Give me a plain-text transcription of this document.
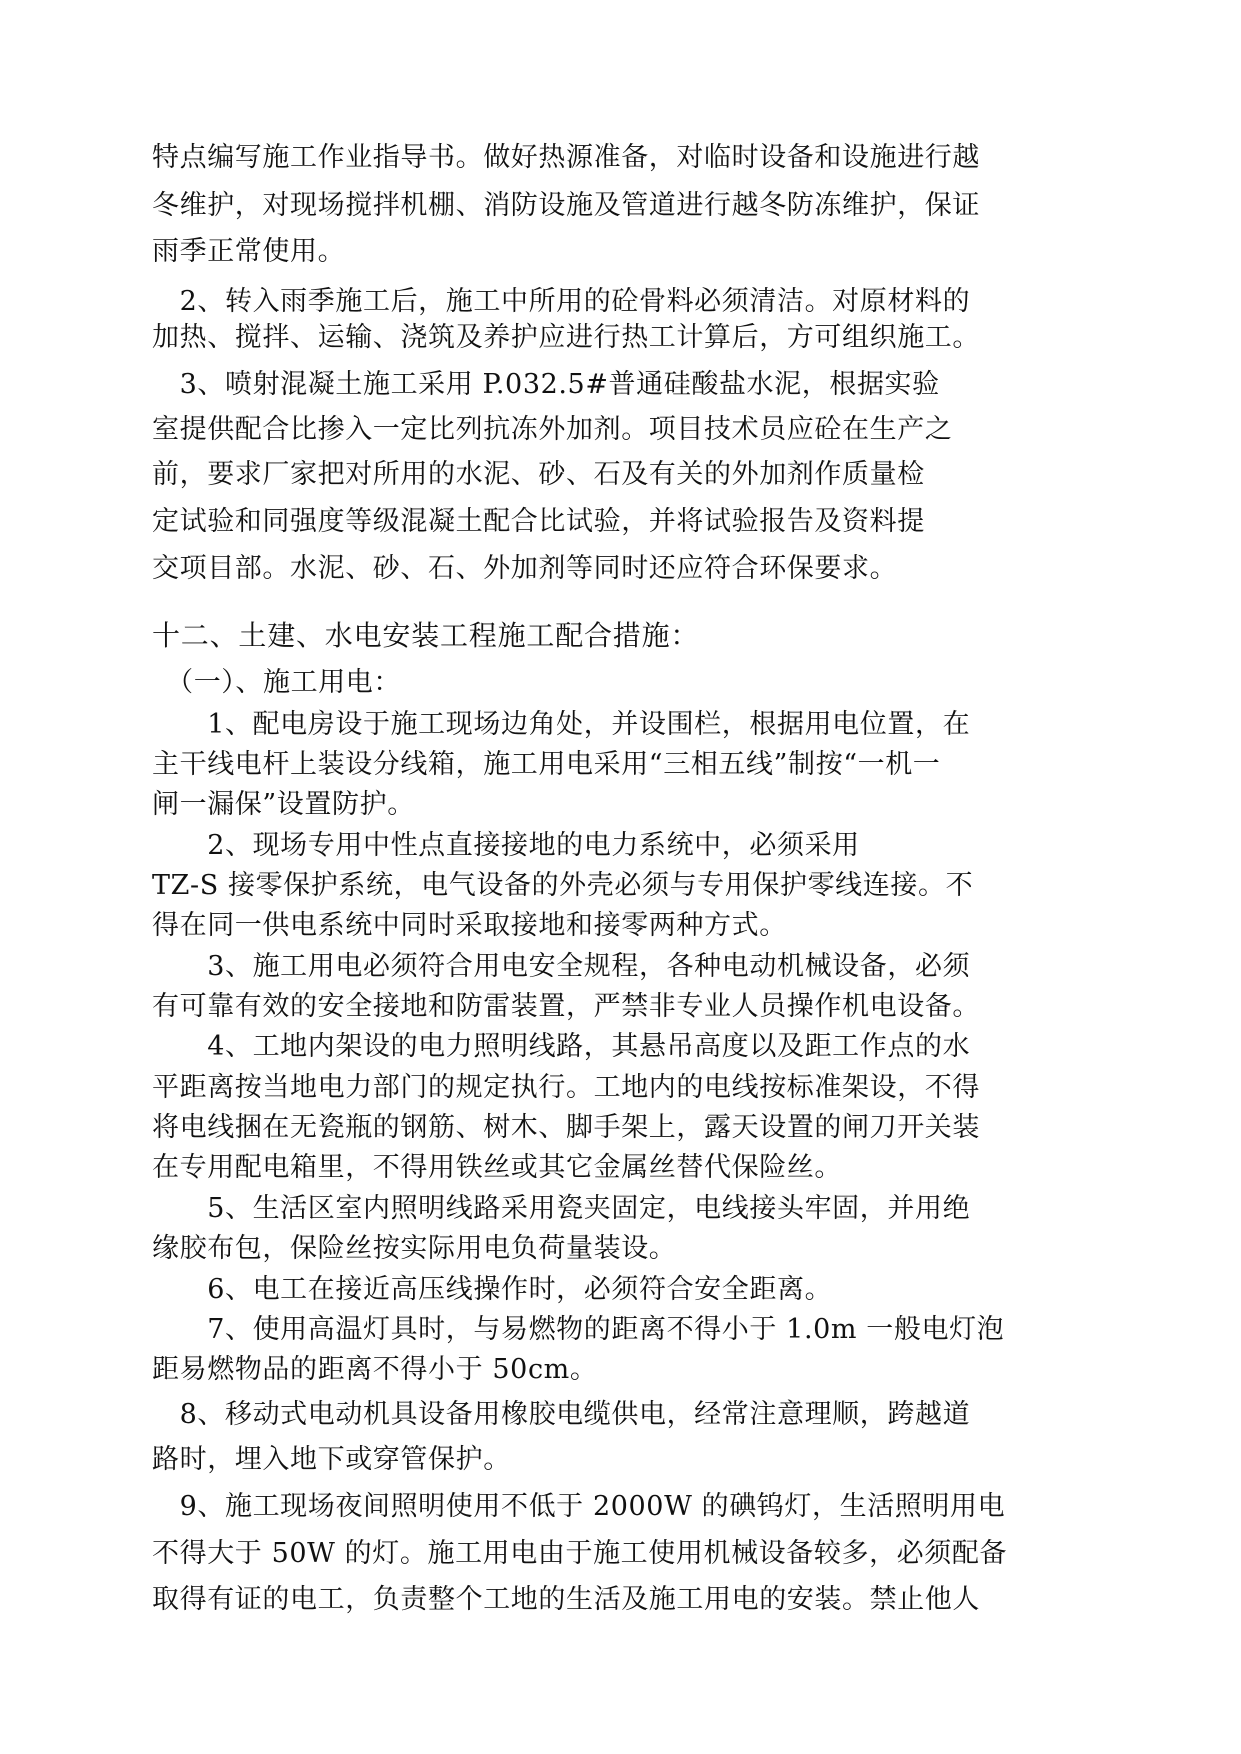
特点编写施工作业指导书。做好热源准备，对临时设备和设施进行越
冬维护，对现场搅拌机棚、消防设施及管道进行越冬防冻维护，保证
雨季正常使用。
　2、转入雨季施工后，施工中所用的砼骨料必须清洁。对原材料的
加热、搅拌、运输、浇筑及养护应进行热工计算后，方可组织施工。
　3、喷射混凝土施工采用 P.032.5#普通硅酸盐水泥，根据实验
室提供配合比掺入一定比列抗冻外加剂。项目技术员应砼在生产之
前，要求厂家把对所用的水泥、砂、石及有关的外加剂作质量检
定试验和同强度等级混凝土配合比试验，并将试验报告及资料提
交项目部。水泥、砂、石、外加剂等同时还应符合环保要求。
十二、土建、水电安装工程施工配合措施：
　（一）、施工用电：
　　1、配电房设于施工现场边角处，并设围栏，根据用电位置，在
主干线电杆上装设分线箱，施工用电采用“三相五线”制按“一机一
闸一漏保”设置防护。
　　2、现场专用中性点直接接地的电力系统中，必须采用
TZ-S 接零保护系统，电气设备的外壳必须与专用保护零线连接。不
得在同一供电系统中同时采取接地和接零两种方式。
　　3、施工用电必须符合用电安全规程，各种电动机械设备，必须
有可靠有效的安全接地和防雷装置，严禁非专业人员操作机电设备。
　　4、工地内架设的电力照明线路，其悬吊高度以及距工作点的水
平距离按当地电力部门的规定执行。工地内的电线按标准架设，不得
将电线捆在无瓷瓶的钢筋、树木、脚手架上，露天设置的闸刀开关装
在专用配电箱里，不得用铁丝或其它金属丝替代保险丝。
　　5、生活区室内照明线路采用瓷夹固定，电线接头牢固，并用绝
缘胶布包，保险丝按实际用电负荷量装设。
　　6、电工在接近高压线操作时，必须符合安全距离。
　　7、使用高温灯具时，与易燃物的距离不得小于 1.0m 一般电灯泡
距易燃物品的距离不得小于 50cm。
　8、移动式电动机具设备用橡胶电缆供电，经常注意理顺，跨越道
路时，埋入地下或穿管保护。
　9、施工现场夜间照明使用不低于 2000W 的碘钨灯，生活照明用电
不得大于 50W 的灯。施工用电由于施工使用机械设备较多，必须配备
取得有证的电工，负责整个工地的生活及施工用电的安装。禁止他人
